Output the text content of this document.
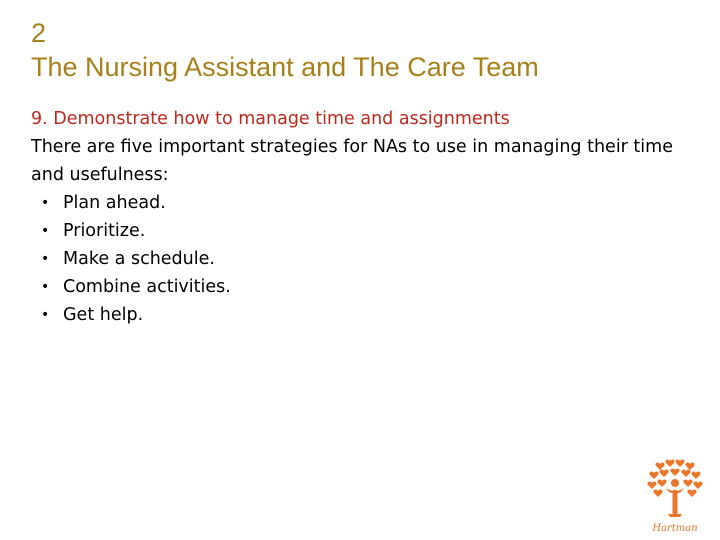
2
The Nursing Assistant and The Care Team
9. Demonstrate how to manage time and assignments

There are five important strategies for NAs to use in managing their time and usefulness:

• Plan ahead.
• Prioritize.
• Make a schedule.
• Combine activities.
• Get help.
Hartman
